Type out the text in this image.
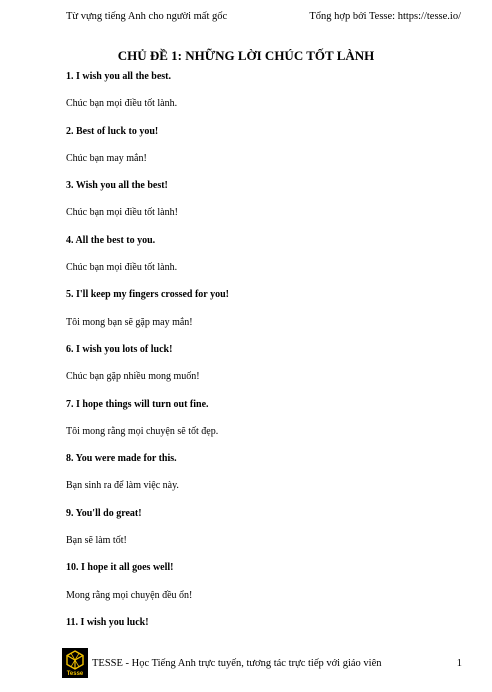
Từ vựng tiếng Anh cho người mất gốc	Tổng hợp bởi Tesse: https://tesse.io/
CHỦ ĐỀ 1: NHỮNG LỜI CHÚC TỐT LÀNH
1. I wish you all the best.
Chúc bạn mọi điều tốt lành.
2. Best of luck to you!
Chúc bạn may mắn!
3. Wish you all the best!
Chúc bạn mọi điều tốt lành!
4. All the best to you.
Chúc bạn mọi điều tốt lành.
5. I'll keep my fingers crossed for you!
Tôi mong bạn sẽ gặp may mắn!
6. I wish you lots of luck!
Chúc bạn gặp nhiều mong muốn!
7. I hope things will turn out fine.
Tôi mong rằng mọi chuyện sẽ tốt đẹp.
8. You were made for this.
Bạn sinh ra để làm việc này.
9. You'll do great!
Bạn sẽ làm tốt!
10. I hope it all goes well!
Mong rằng mọi chuyện đều ổn!
11. I wish you luck!
Tesse
TESSE - Học Tiếng Anh trực tuyến, tương tác trực tiếp với giáo viên	1
